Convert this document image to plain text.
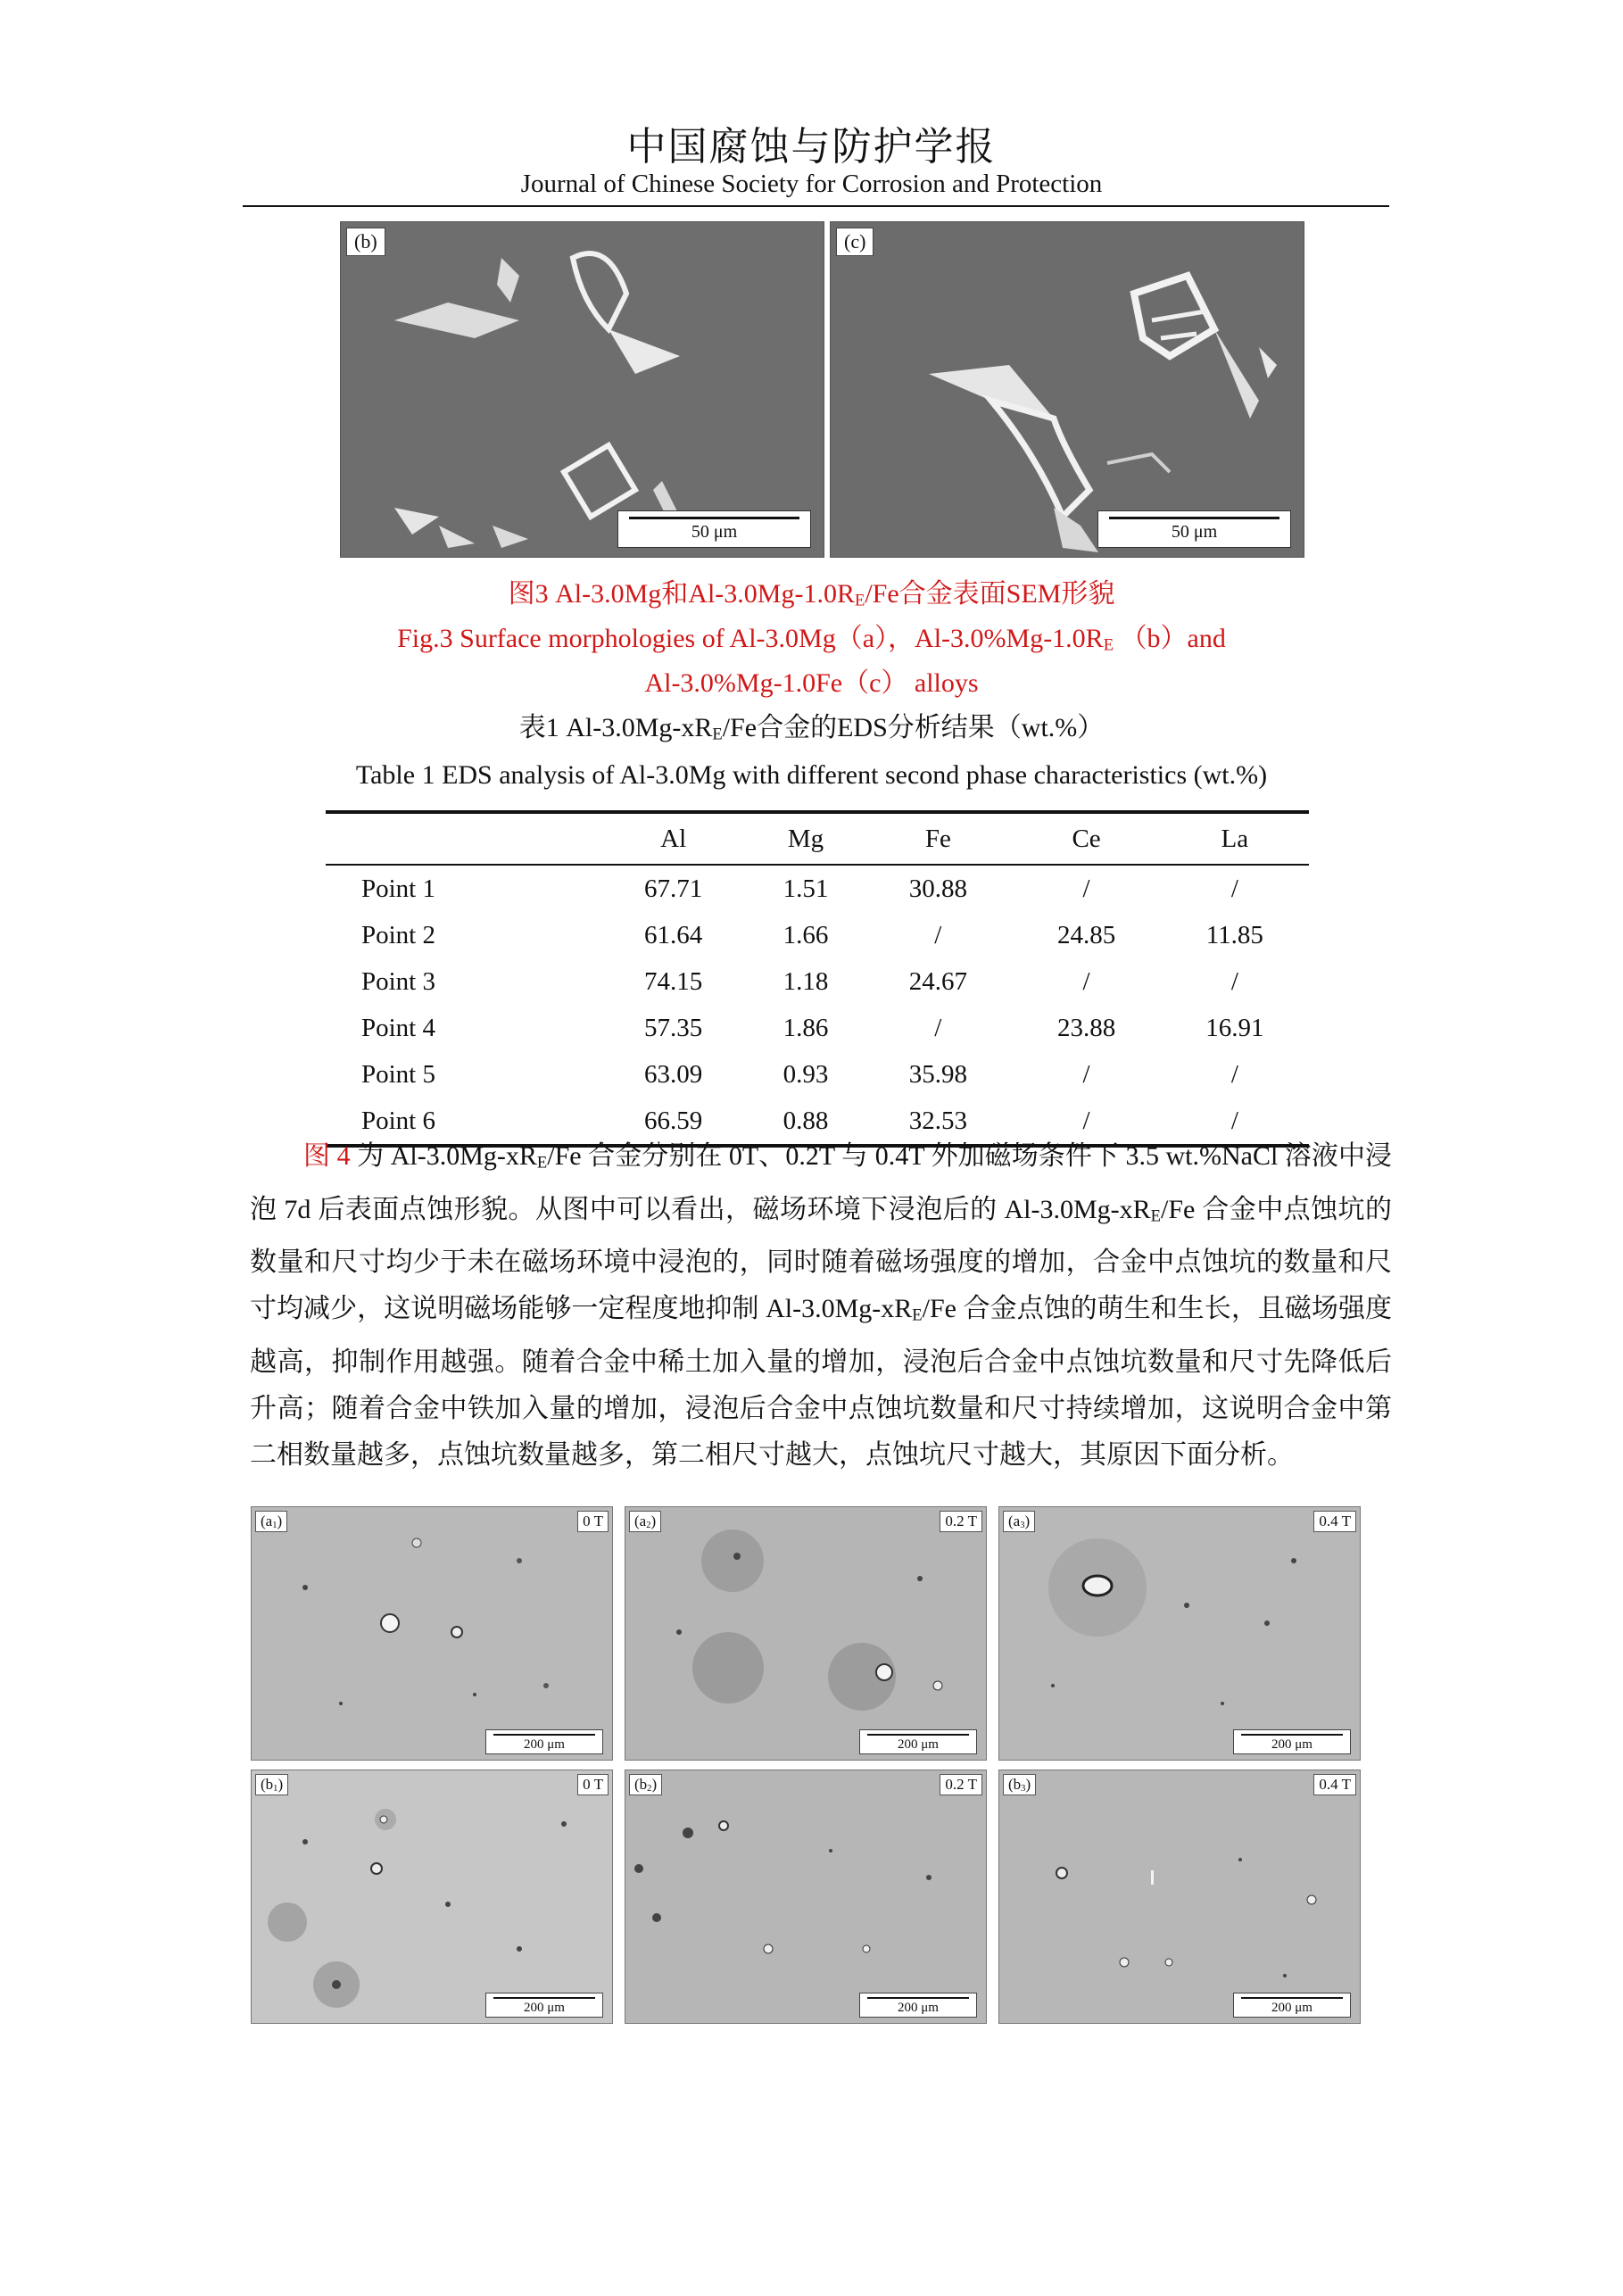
中国腐蚀与防护学报
Journal of Chinese Society for Corrosion and Protection
(b)
50 μm
(c)
50 μm
图3 Al-3.0Mg和$Al-3.0Mg-1.0R_E/Fe$合金表面SEM形貌
Fig.3 Surface morphologies of Al-3.0Mg（a），$Al-3.0\%Mg-1.0R_E$ （b）and
Al-3.0%Mg-1.0Fe（c） alloys
表1 $Al-3.0Mg-xR_E/Fe$合金的EDS分析结果（wt.%）
Table 1 EDS analysis of Al-3.0Mg with different second phase characteristics (wt.%)
	Al	Mg	Fe	Ce	La
Point 1	67.71	1.51	30.88	/	/
Point 2	61.64	1.66	/	24.85	11.85
Point 3	74.15	1.18	24.67	/	/
Point 4	57.35	1.86	/	23.88	16.91
Point 5	63.09	0.93	35.98	/	/
Point 6	66.59	0.88	32.53	/	/
图 4 为 $Al-3.0Mg-xR_E/Fe$ 合金分别在 0T、0.2T 与 0.4T 外加磁场条件下 3.5 wt.%NaCl 溶液中浸泡 7d 后表面点蚀形貌。从图中可以看出，磁场环境下浸泡后的 $Al-3.0Mg-xR_E/Fe$ 合金中点蚀坑的数量和尺寸均少于未在磁场环境中浸泡的，同时随着磁场强度的增加，合金中点蚀坑的数量和尺寸均减少，这说明磁场能够一定程度地抑制 $Al-3.0Mg-xR_E/Fe$ 合金点蚀的萌生和生长，且磁场强度越高，抑制作用越强。随着合金中稀土加入量的增加，浸泡后合金中点蚀坑数量和尺寸先降低后升高；随着合金中铁加入量的增加，浸泡后合金中点蚀坑数量和尺寸持续增加，这说明合金中第二相数量越多，点蚀坑数量越多，第二相尺寸越大，点蚀坑尺寸越大，其原因下面分析。
$(a_1)$	0 T
200 μm
$(a_2)$	0.2 T
200 μm
$(a_3)$	0.4 T
200 μm
$(b_1)$	0 T
200 μm
$(b_2)$	0.2 T
200 μm
$(b_3)$	0.4 T
200 μm
